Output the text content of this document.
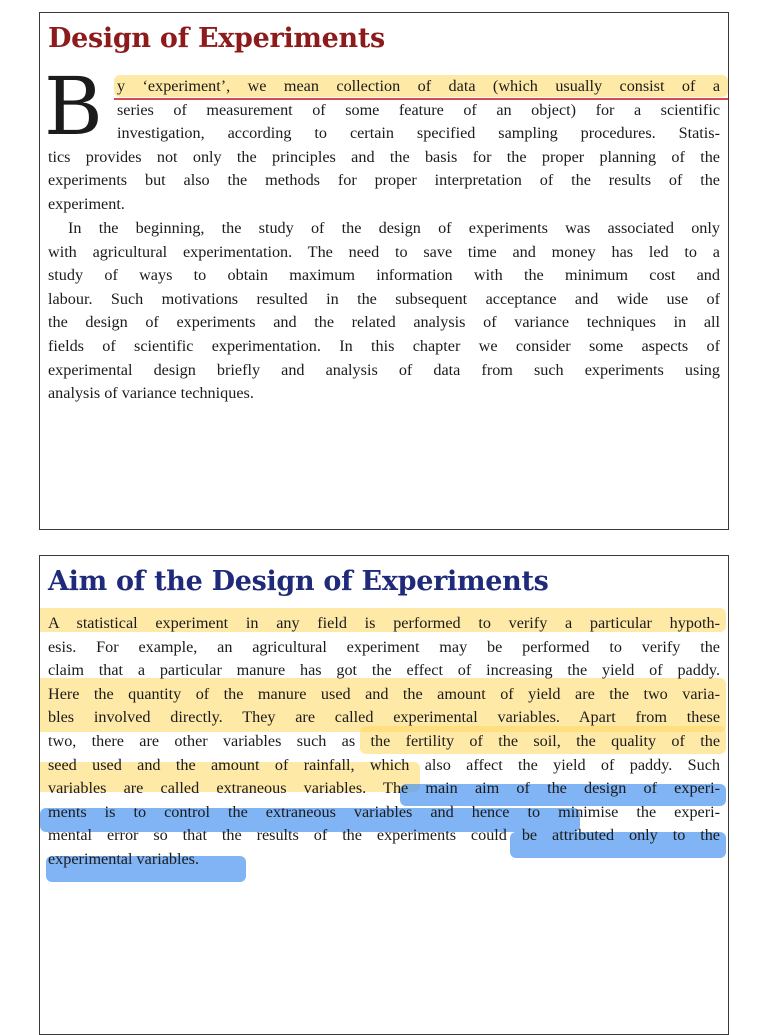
Design of Experiments
B y ‘experiment’, we mean collection of data (which usually consist of a
series of measurement of some feature of an object) for a scientific
investigation, according to certain specified sampling procedures. Statis-
tics provides not only the principles and the basis for the proper planning of the
experiments but also the methods for proper interpretation of the results of the
experiment.
In the beginning, the study of the design of experiments was associated only
with agricultural experimentation. The need to save time and money has led to a
study of ways to obtain maximum information with the minimum cost and
labour. Such motivations resulted in the subsequent acceptance and wide use of
the design of experiments and the related analysis of variance techniques in all
fields of scientific experimentation. In this chapter we consider some aspects of
experimental design briefly and analysis of data from such experiments using
analysis of variance techniques.
Aim of the Design of Experiments
A statistical experiment in any field is performed to verify a particular hypoth-
esis. For example, an agricultural experiment may be performed to verify the
claim that a particular manure has got the effect of increasing the yield of paddy.
Here the quantity of the manure used and the amount of yield are the two varia-
bles involved directly. They are called experimental variables. Apart from these
two, there are other variables such as the fertility of the soil, the quality of the
seed used and the amount of rainfall, which also affect the yield of paddy. Such
variables are called extraneous variables. The main aim of the design of experi-
ments is to control the extraneous variables and hence to minimise the experi-
mental error so that the results of the experiments could be attributed only to the
experimental variables.
